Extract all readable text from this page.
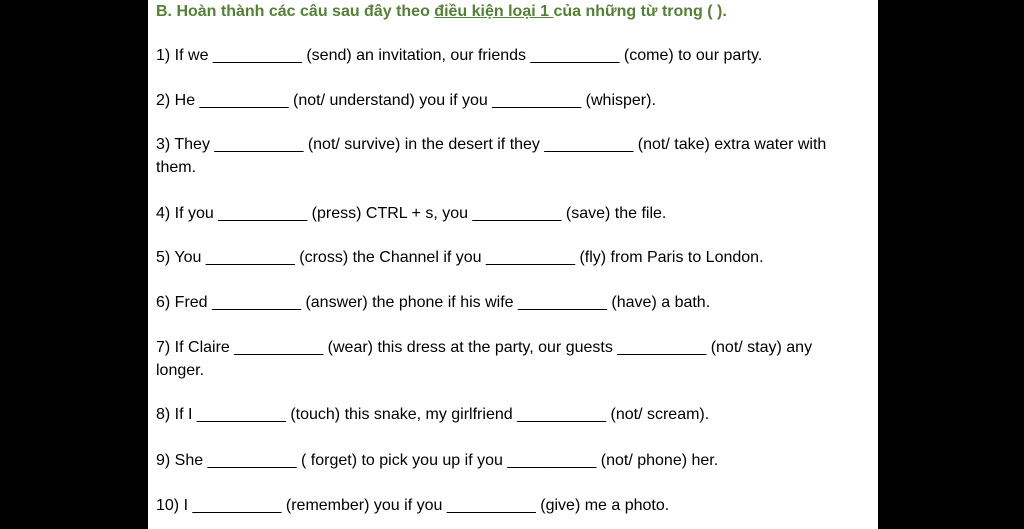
B. Hoàn thành các câu sau đây theo điều kiện loại 1 của những từ trong ( ).
1) If we __________ (send) an invitation, our friends __________ (come) to our party.
2) He __________ (not/ understand) you if you __________ (whisper).
3) They __________ (not/ survive) in the desert if they __________ (not/ take) extra water with them.
4) If you __________ (press) CTRL + s, you __________ (save) the file.
5) You __________ (cross) the Channel if you __________ (fly) from Paris to London.
6) Fred __________ (answer) the phone if his wife __________ (have) a bath.
7) If Claire __________ (wear) this dress at the party, our guests __________ (not/ stay) any longer.
8) If I __________ (touch) this snake, my girlfriend __________ (not/ scream).
9) She __________ ( forget) to pick you up if you __________ (not/ phone) her.
10) I __________ (remember) you if you __________ (give) me a photo.
